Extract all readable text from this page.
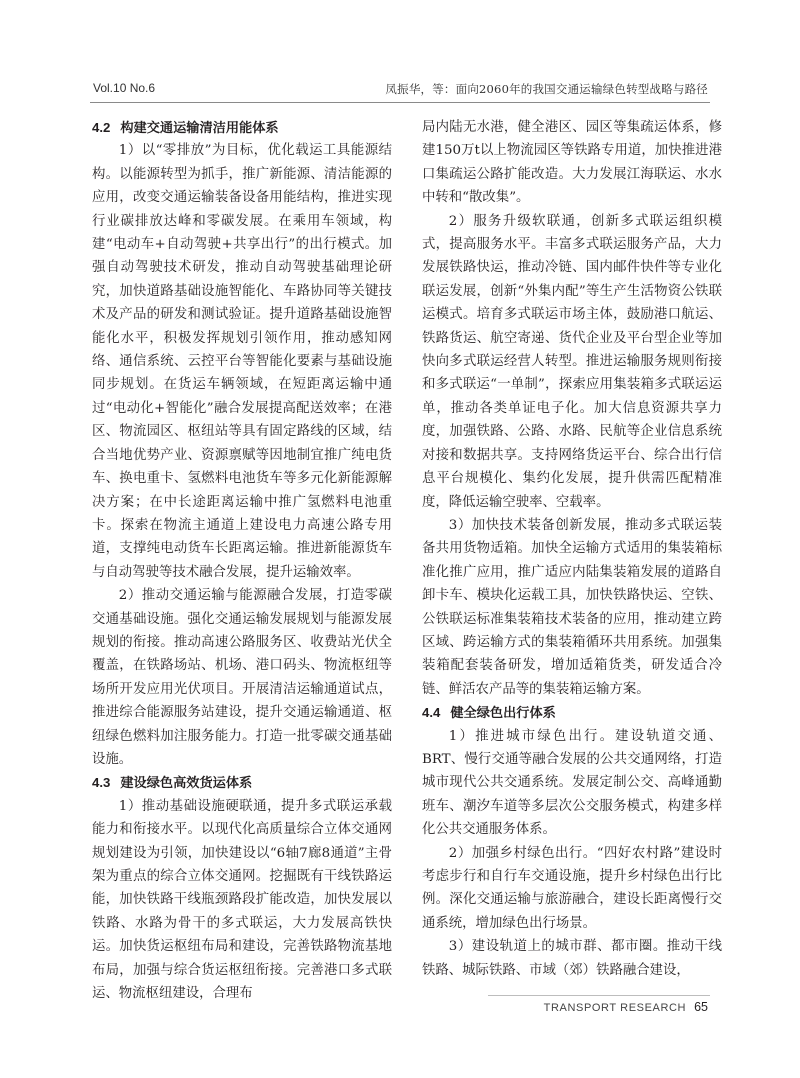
Vol.10 No.6	凤振华，等：面向2060年的我国交通运输绿色转型战略与路径

4.2 构建交通运输清洁用能体系

1）以“零排放”为目标，优化载运工具能源结构。以能源转型为抓手，推广新能源、清洁能源的应用，改变交通运输装备设备用能结构，推进实现行业碳排放达峰和零碳发展。在乘用车领域，构建“电动车+自动驾驶+共享出行”的出行模式。加强自动驾驶技术研发，推动自动驾驶基础理论研究，加快道路基础设施智能化、车路协同等关键技术及产品的研发和测试验证。提升道路基础设施智能化水平，积极发挥规划引领作用，推动感知网络、通信系统、云控平台等智能化要素与基础设施同步规划。在货运车辆领域，在短距离运输中通过“电动化+智能化”融合发展提高配送效率；在港区、物流园区、枢纽站等具有固定路线的区域，结合当地优势产业、资源禀赋等因地制宜推广纯电货车、换电重卡、氢燃料电池货车等多元化新能源解决方案；在中长途距离运输中推广氢燃料电池重卡。探索在物流主通道上建设电力高速公路专用道，支撑纯电动货车长距离运输。推进新能源货车与自动驾驶等技术融合发展，提升运输效率。

2）推动交通运输与能源融合发展，打造零碳交通基础设施。强化交通运输发展规划与能源发展规划的衔接。推动高速公路服务区、收费站光伏全覆盖，在铁路场站、机场、港口码头、物流枢纽等场所开发应用光伏项目。开展清洁运输通道试点，推进综合能源服务站建设，提升交通运输通道、枢纽绿色燃料加注服务能力。打造一批零碳交通基础设施。

4.3 建设绿色高效货运体系

1）推动基础设施硬联通，提升多式联运承载能力和衔接水平。以现代化高质量综合立体交通网规划建设为引领，加快建设以“6轴7廊8通道”主骨架为重点的综合立体交通网。挖掘既有干线铁路运能，加快铁路干线瓶颈路段扩能改造，加快发展以铁路、水路为骨干的多式联运，大力发展高铁快运。加快货运枢纽布局和建设，完善铁路物流基地布局，加强与综合货运枢纽衔接。完善港口多式联运、物流枢纽建设，合理布

局内陆无水港，健全港区、园区等集疏运体系，修建150万t以上物流园区等铁路专用道，加快推进港口集疏运公路扩能改造。大力发展江海联运、水水中转和“散改集”。

2）服务升级软联通，创新多式联运组织模式，提高服务水平。丰富多式联运服务产品，大力发展铁路快运，推动冷链、国内邮件快件等专业化联运发展，创新“外集内配”等生产生活物资公铁联运模式。培育多式联运市场主体，鼓励港口航运、铁路货运、航空寄递、货代企业及平台型企业等加快向多式联运经营人转型。推进运输服务规则衔接和多式联运“一单制”，探索应用集装箱多式联运运单，推动各类单证电子化。加大信息资源共享力度，加强铁路、公路、水路、民航等企业信息系统对接和数据共享。支持网络货运平台、综合出行信息平台规模化、集约化发展，提升供需匹配精准度，降低运输空驶率、空载率。

3）加快技术装备创新发展，推动多式联运装备共用货物适箱。加快全运输方式适用的集装箱标准化推广应用，推广适应内陆集装箱发展的道路自卸卡车、模块化运载工具，加快铁路快运、空铁、公铁联运标准集装箱技术装备的应用，推动建立跨区域、跨运输方式的集装箱循环共用系统。加强集装箱配套装备研发，增加适箱货类，研发适合冷链、鲜活农产品等的集装箱运输方案。

4.4 健全绿色出行体系

1）推进城市绿色出行。建设轨道交通、BRT、慢行交通等融合发展的公共交通网络，打造城市现代公共交通系统。发展定制公交、高峰通勤班车、潮汐车道等多层次公交服务模式，构建多样化公共交通服务体系。

2）加强乡村绿色出行。“四好农村路”建设时考虑步行和自行车交通设施，提升乡村绿色出行比例。深化交通运输与旅游融合，建设长距离慢行交通系统，增加绿色出行场景。

3）建设轨道上的城市群、都市圈。推动干线铁路、城际铁路、市域（郊）铁路融合建设，

TRANSPORT RESEARCH 65
